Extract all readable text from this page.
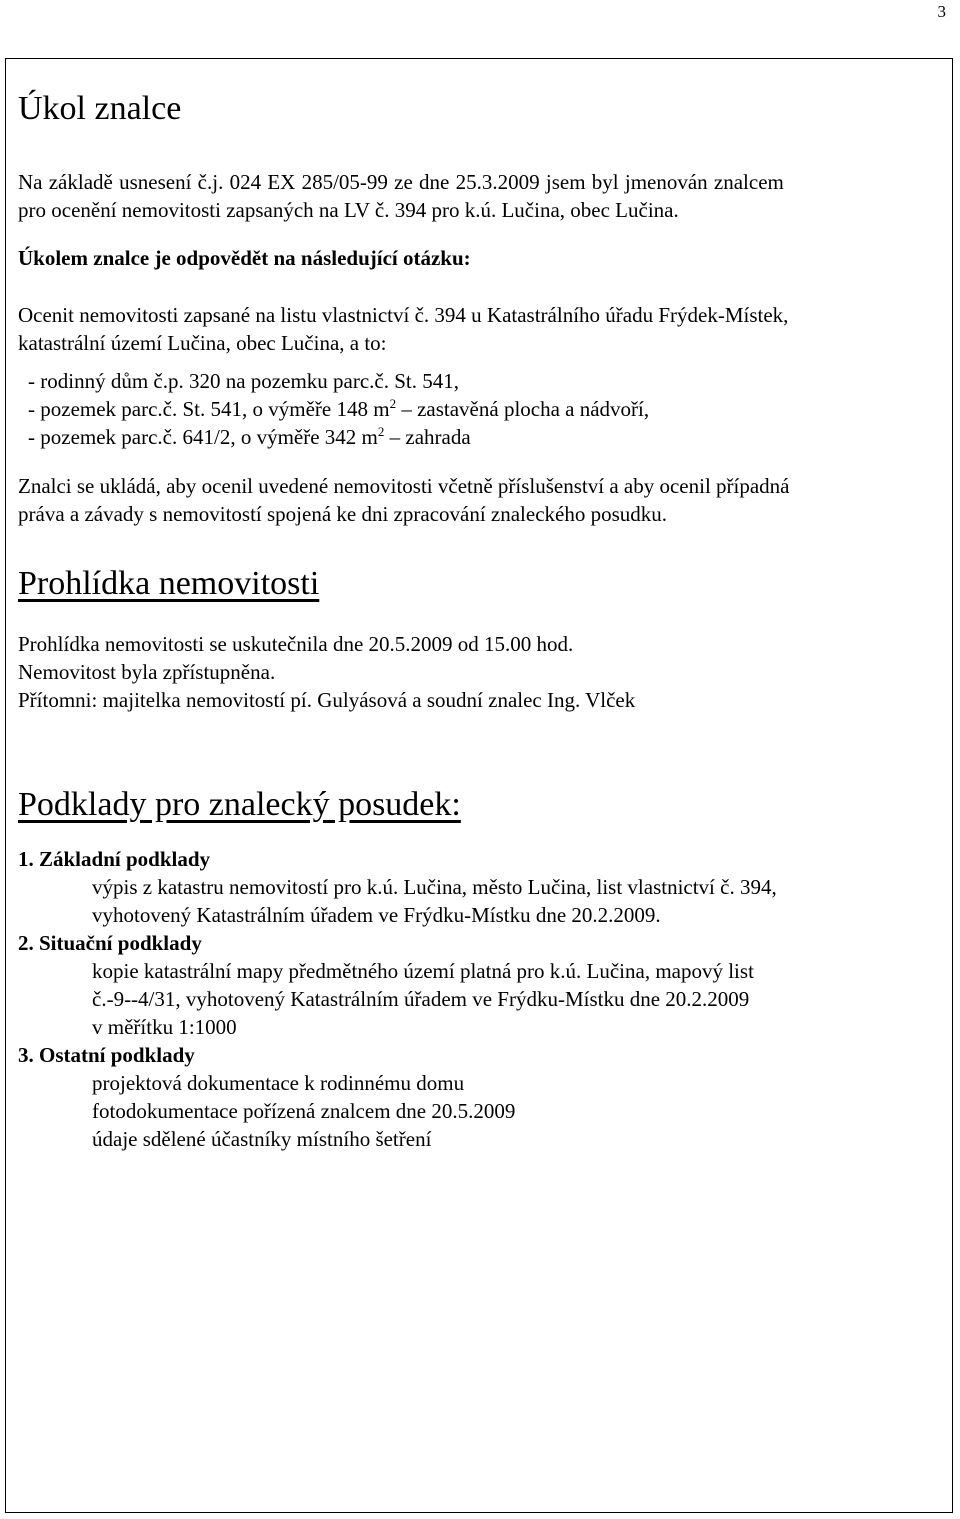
3
Úkol znalce

Na základě usnesení č.j. 024 EX 285/05-99 ze dne 25.3.2009 jsem byl jmenován znalcem

pro ocenění nemovitosti zapsaných na LV č. 394 pro k.ú. Lučina, obec Lučina.

Úkolem znalce je odpovědět na následující otázku:

Ocenit nemovitosti zapsané na listu vlastnictví č. 394 u Katastrálního úřadu Frýdek-Místek,

katastrální území Lučina, obec Lučina, a to:

- rodinný dům č.p. 320 na pozemku parc.č. St. 541,
- pozemek parc.č. St. 541, o výměře 148 $m^2$ – zastavěná plocha a nádvoří,
- pozemek parc.č. 641/2, o výměře 342 $m^2$ – zahrada

Znalci se ukládá, aby ocenil uvedené nemovitosti včetně příslušenství a aby ocenil případná

práva a závady s nemovitostí spojená ke dni zpracování znaleckého posudku.

Prohlídka nemovitosti

Prohlídka nemovitosti se uskutečnila dne 20.5.2009 od 15.00 hod.

Nemovitost byla zpřístupněna.

Přítomni: majitelka nemovitostí pí. Gulyásová a soudní znalec Ing. Vlček

Podklady pro znalecký posudek:

1. Základní podklady

výpis z katastru nemovitostí pro k.ú. Lučina, město Lučina, list vlastnictví č. 394,

vyhotovený Katastrálním úřadem ve Frýdku-Místku dne 20.2.2009.

2. Situační podklady

kopie katastrální mapy předmětného území platná pro k.ú. Lučina, mapový list

č.-9--4/31, vyhotovený Katastrálním úřadem ve Frýdku-Místku dne 20.2.2009

v měřítku 1:1000

3. Ostatní podklady

projektová dokumentace k rodinnému domu

fotodokumentace pořízená znalcem dne 20.5.2009

údaje sdělené účastníky místního šetření
